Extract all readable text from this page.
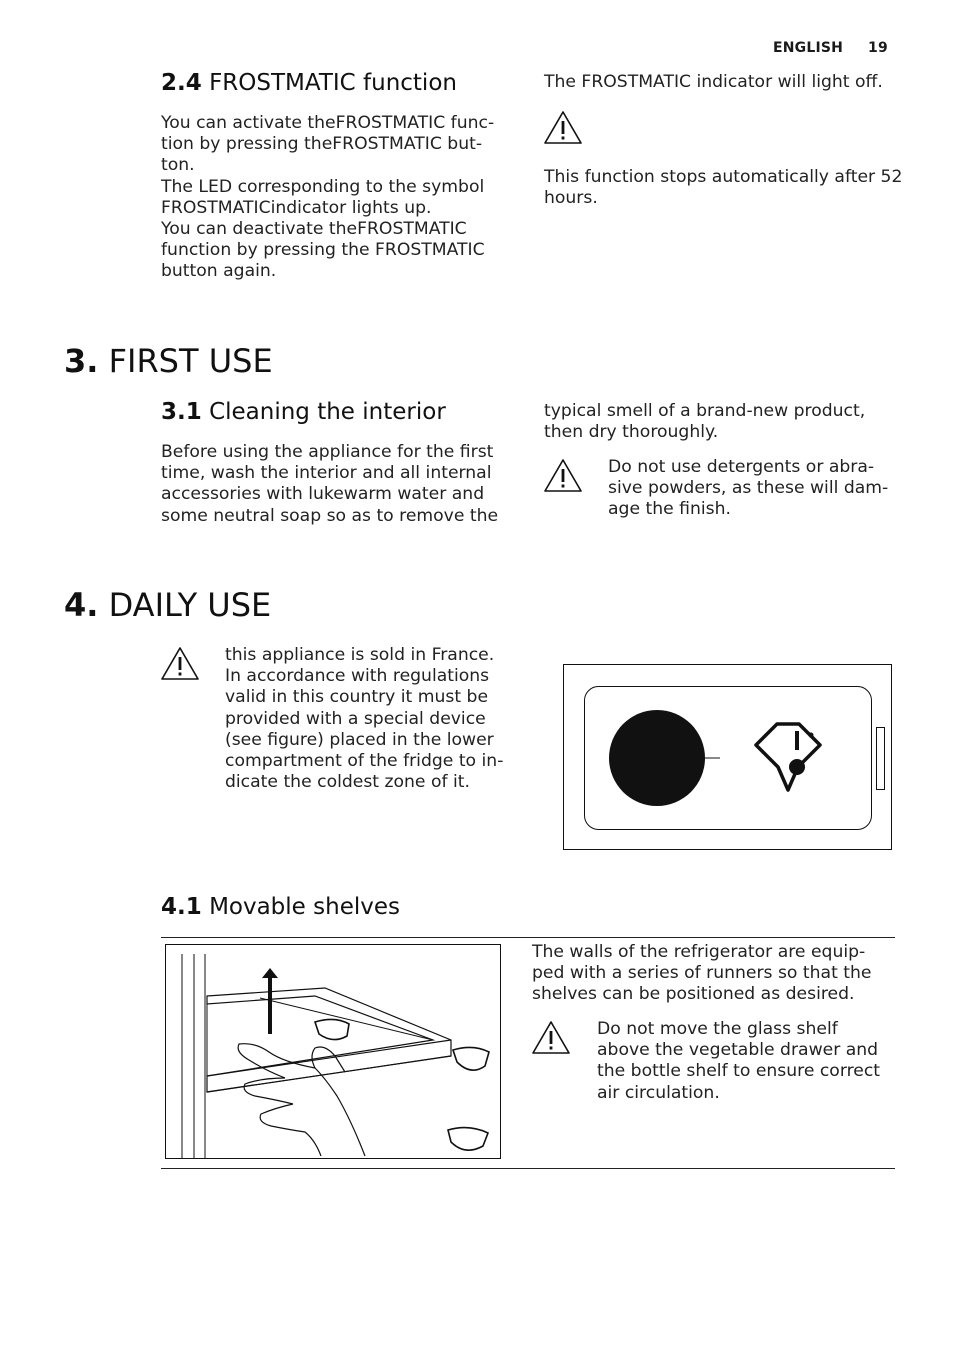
ENGLISH 19
2.4 FROSTMATIC function
You can activate theFROSTMATIC func-
tion by pressing theFROSTMATIC but-
ton.
The LED corresponding to the symbol
FROSTMATICindicator lights up.
You can deactivate theFROSTMATIC
function by pressing the FROSTMATIC
button again.
The FROSTMATIC indicator will light off.
This function stops automatically after 52
hours.
3. FIRST USE
3.1 Cleaning the interior
Before using the appliance for the first
time, wash the interior and all internal
accessories with lukewarm water and
some neutral soap so as to remove the
typical smell of a brand-new product,
then dry thoroughly.
Do not use detergents or abra-
sive powders, as these will dam-
age the finish.
4. DAILY USE
this appliance is sold in France.
In accordance with regulations
valid in this country it must be
provided with a special device
(see figure) placed in the lower
compartment of the fridge to in-
dicate the coldest zone of it.
4.1 Movable shelves
The walls of the refrigerator are equip-
ped with a series of runners so that the
shelves can be positioned as desired.
Do not move the glass shelf
above the vegetable drawer and
the bottle shelf to ensure correct
air circulation.
